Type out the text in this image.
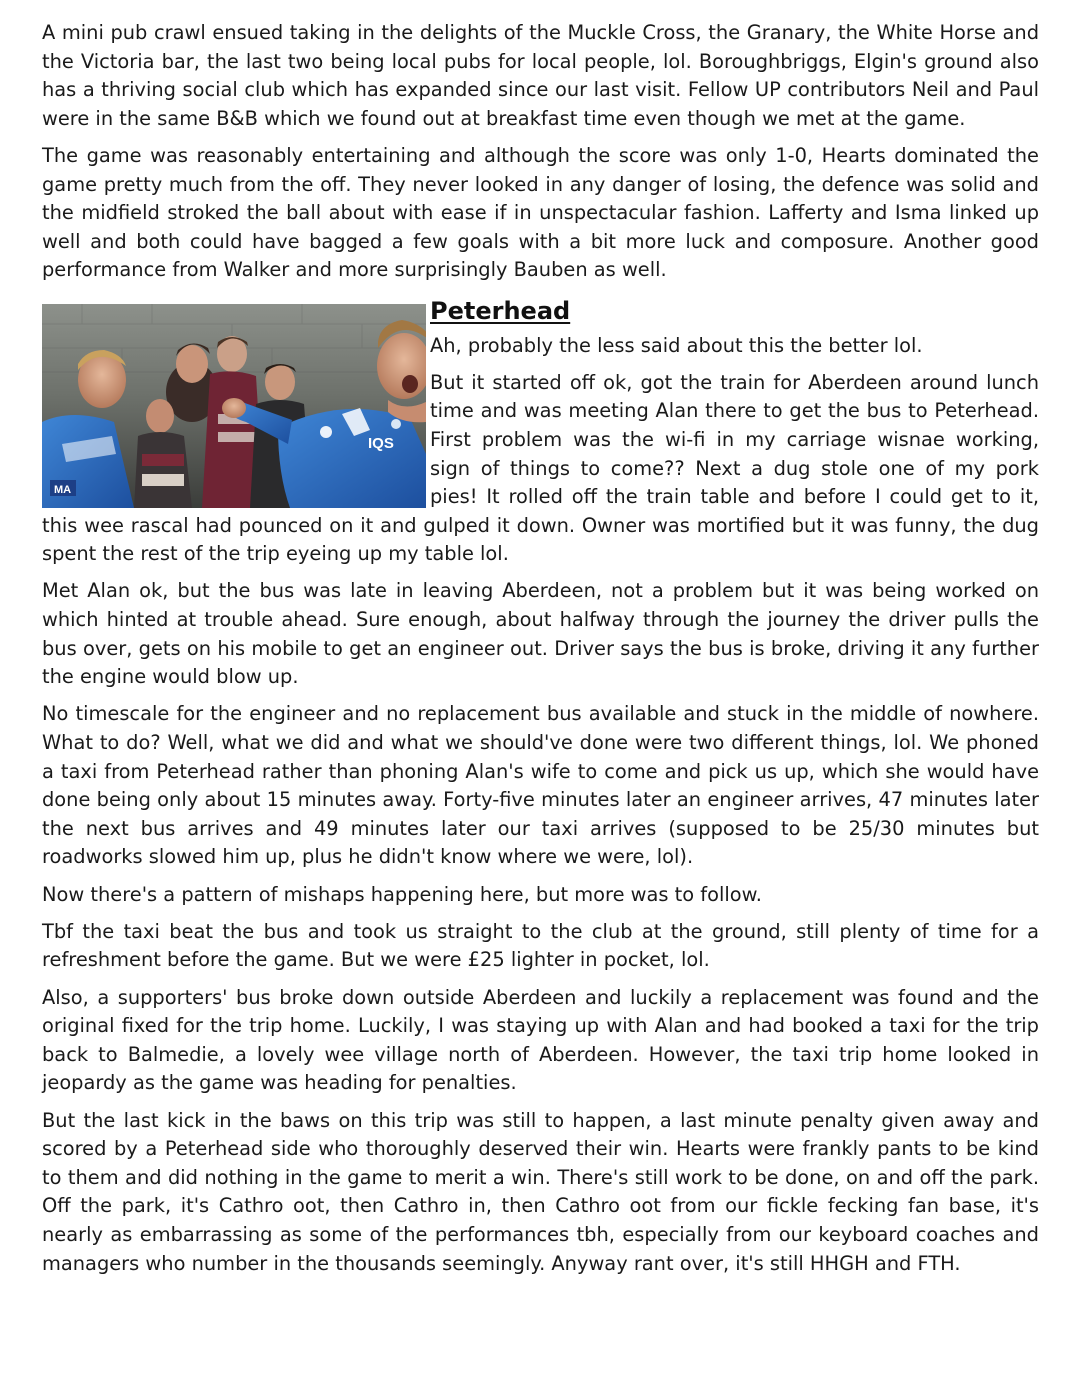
A mini pub crawl ensued taking in the delights of the Muckle Cross, the Granary, the White Horse and the Victoria bar, the last two being local pubs for local people, lol. Boroughbriggs, Elgin's ground also has a thriving social club which has expanded since our last visit. Fellow UP contributors Neil and Paul were in the same B&B which we found out at breakfast time even though we met at the game.

The game was reasonably entertaining and although the score was only 1-0, Hearts dominated the game pretty much from the off. They never looked in any danger of losing, the defence was solid and the midfield stroked the ball about with ease if in unspectacular fashion. Lafferty and Isma linked up well and both could have bagged a few goals with a bit more luck and composure. Another good performance from Walker and more surprisingly Bauben as well.

MA
IQS
Peterhead

Ah, probably the less said about this the better lol.

But it started off ok, got the train for Aberdeen around lunch time and was meeting Alan there to get the bus to Peterhead. First problem was the wi-fi in my carriage wisnae working, sign of things to come?? Next a dug stole one of my pork pies! It rolled off the train table and before I could get to it, this wee rascal had pounced on it and gulped it down. Owner was mortified but it was funny, the dug spent the rest of the trip eyeing up my table lol.

Met Alan ok, but the bus was late in leaving Aberdeen, not a problem but it was being worked on which hinted at trouble ahead. Sure enough, about halfway through the journey the driver pulls the bus over, gets on his mobile to get an engineer out. Driver says the bus is broke, driving it any further the engine would blow up.

No timescale for the engineer and no replacement bus available and stuck in the middle of nowhere. What to do? Well, what we did and what we should've done were two different things, lol. We phoned a taxi from Peterhead rather than phoning Alan's wife to come and pick us up, which she would have done being only about 15 minutes away. Forty-five minutes later an engineer arrives, 47 minutes later the next bus arrives and 49 minutes later our taxi arrives (supposed to be 25/30 minutes but roadworks slowed him up, plus he didn't know where we were, lol).

Now there's a pattern of mishaps happening here, but more was to follow.

Tbf the taxi beat the bus and took us straight to the club at the ground, still plenty of time for a refreshment before the game. But we were £25 lighter in pocket, lol.

Also, a supporters' bus broke down outside Aberdeen and luckily a replacement was found and the original fixed for the trip home. Luckily, I was staying up with Alan and had booked a taxi for the trip back to Balmedie, a lovely wee village north of Aberdeen. However, the taxi trip home looked in jeopardy as the game was heading for penalties.

But the last kick in the baws on this trip was still to happen, a last minute penalty given away and scored by a Peterhead side who thoroughly deserved their win. Hearts were frankly pants to be kind to them and did nothing in the game to merit a win. There's still work to be done, on and off the park. Off the park, it's Cathro oot, then Cathro in, then Cathro oot from our fickle fecking fan base, it's nearly as embarrassing as some of the performances tbh, especially from our keyboard coaches and managers who number in the thousands seemingly. Anyway rant over, it's still HHGH and FTH.
